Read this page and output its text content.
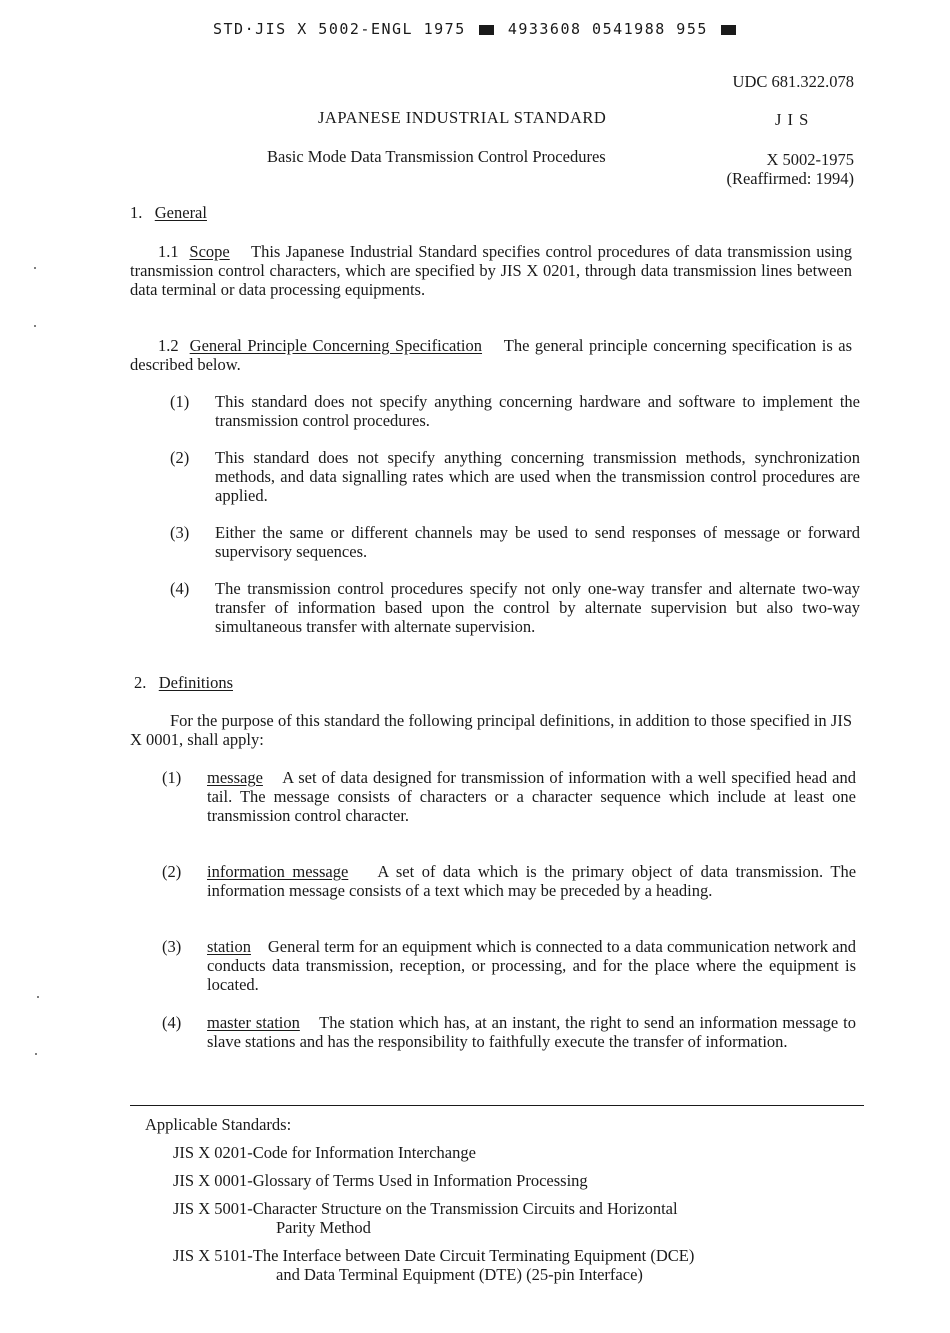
STD·JIS X 5002-ENGL 1975	4933608 0541988 955
UDC 681.322.078
JAPANESE INDUSTRIAL STANDARD	J I S
Basic Mode Data Transmission Control Procedures	X 5002-1975
(Reaffirmed: 1994)
1. General
1.1 Scope This Japanese Industrial Standard specifies control procedures of data transmission using transmission control characters, which are specified by JIS X 0201, through data transmission lines between data terminal or data processing equipments.
1.2 General Principle Concerning Specification The general principle concerning specification is as described below.
(1) This standard does not specify anything concerning hardware and software to implement the transmission control procedures.

(2) This standard does not specify anything concerning transmission methods, synchronization methods, and data signalling rates which are used when the transmission control procedures are applied.

(3) Either the same or different channels may be used to send responses of message or forward supervisory sequences.

(4) The transmission control procedures specify not only one-way transfer and alternate two-way transfer of information based upon the control by alternate supervision but also two-way simultaneous transfer with alternate supervision.

2. Definitions
For the purpose of this standard the following principal definitions, in addition to those specified in JIS X 0001, shall apply:
(1) message A set of data designed for transmission of information with a well specified head and tail. The message consists of characters or a character sequence which include at least one transmission control character.

(2) information message A set of data which is the primary object of data transmission. The information message consists of a text which may be preceded by a heading.

(3) station General term for an equipment which is connected to a data communication network and conducts data transmission, reception, or processing, and for the place where the equipment is located.

(4) master station The station which has, at an instant, the right to send an information message to slave stations and has the responsibility to faithfully execute the transfer of information.

Applicable Standards:
JIS X 0201-Code for Information Interchange
JIS X 0001-Glossary of Terms Used in Information Processing
JIS X 5001-Character Structure on the Transmission Circuits and Horizontal
Parity Method
JIS X 5101-The Interface between Date Circuit Terminating Equipment (DCE)
and Data Terminal Equipment (DTE) (25-pin Interface)
